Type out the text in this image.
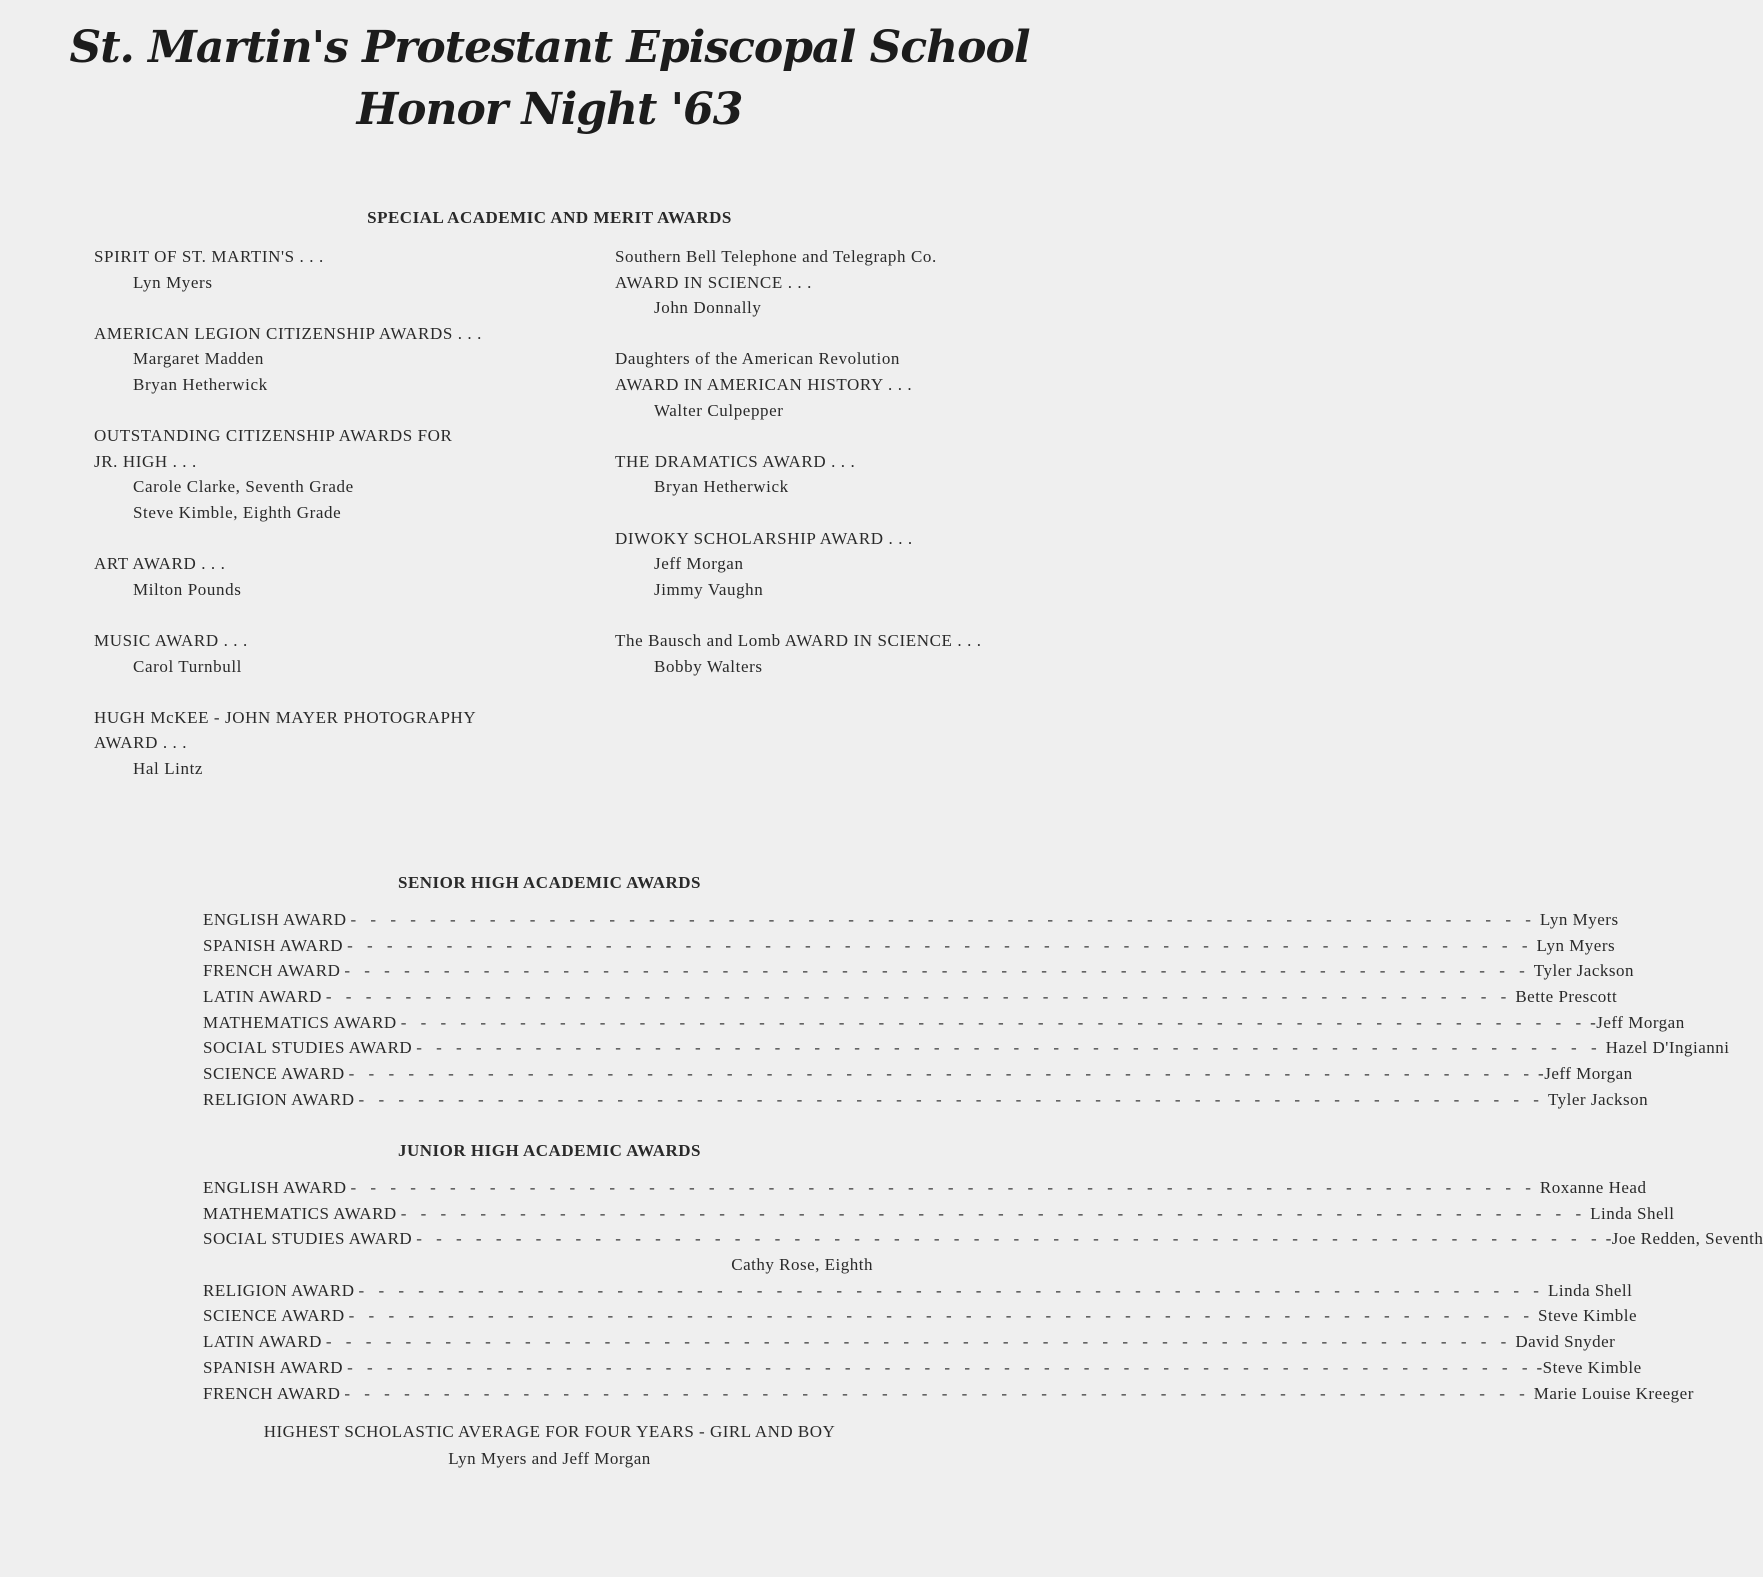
St. Martin's Protestant Episcopal School
Honor Night '63
SPECIAL ACADEMIC AND MERIT AWARDS
SPIRIT OF ST. MARTIN'S . . .
Lyn Myers
AMERICAN LEGION CITIZENSHIP AWARDS . . .
Margaret Madden
Bryan Hetherwick
OUTSTANDING CITIZENSHIP AWARDS FOR
JR. HIGH . . .
Carole Clarke, Seventh Grade
Steve Kimble, Eighth Grade
ART AWARD . . .
Milton Pounds
MUSIC AWARD . . .
Carol Turnbull
HUGH McKEE - JOHN MAYER PHOTOGRAPHY
AWARD . . .
Hal Lintz
Southern Bell Telephone and Telegraph Co.
AWARD IN SCIENCE . . .
John Donnally
Daughters of the American Revolution
AWARD IN AMERICAN HISTORY . . .
Walter Culpepper
THE DRAMATICS AWARD . . .
Bryan Hetherwick
DIWOKY SCHOLARSHIP AWARD . . .
Jeff Morgan
Jimmy Vaughn
The Bausch and Lomb AWARD IN SCIENCE . . .
Bobby Walters
SENIOR HIGH ACADEMIC AWARDS
ENGLISH AWARD - - - - - - - - - - - - - - - - - - - - - - - - - - - - - - - - - - - - - - - - - - - - - - - - - - - - - - - - - - - - Lyn Myers
SPANISH AWARD - - - - - - - - - - - - - - - - - - - - - - - - - - - - - - - - - - - - - - - - - - - - - - - - - - - - - - - - - - - - Lyn Myers
FRENCH AWARD - - - - - - - - - - - - - - - - - - - - - - - - - - - - - - - - - - - - - - - - - - - - - - - - - - - - - - - - - - - - Tyler Jackson
LATIN AWARD - - - - - - - - - - - - - - - - - - - - - - - - - - - - - - - - - - - - - - - - - - - - - - - - - - - - - - - - - - - - Bette Prescott
MATHEMATICS AWARD - - - - - - - - - - - - - - - - - - - - - - - - - - - - - - - - - - - - - - - - - - - - - - - - - - - - - - - - - - - - -Jeff Morgan
SOCIAL STUDIES AWARD - - - - - - - - - - - - - - - - - - - - - - - - - - - - - - - - - - - - - - - - - - - - - - - - - - - - - - - - - - - - Hazel D'Ingianni
SCIENCE AWARD - - - - - - - - - - - - - - - - - - - - - - - - - - - - - - - - - - - - - - - - - - - - - - - - - - - - - - - - - - - - -Jeff Morgan
RELIGION AWARD - - - - - - - - - - - - - - - - - - - - - - - - - - - - - - - - - - - - - - - - - - - - - - - - - - - - - - - - - - - - Tyler Jackson
JUNIOR HIGH ACADEMIC AWARDS
ENGLISH AWARD - - - - - - - - - - - - - - - - - - - - - - - - - - - - - - - - - - - - - - - - - - - - - - - - - - - - - - - - - - - - Roxanne Head
MATHEMATICS AWARD - - - - - - - - - - - - - - - - - - - - - - - - - - - - - - - - - - - - - - - - - - - - - - - - - - - - - - - - - - - - Linda Shell
SOCIAL STUDIES AWARD - - - - - - - - - - - - - - - - - - - - - - - - - - - - - - - - - - - - - - - - - - - - - - - - - - - - - - - - - - - - -Joe Redden, Seventh
Cathy Rose, Eighth
RELIGION AWARD - - - - - - - - - - - - - - - - - - - - - - - - - - - - - - - - - - - - - - - - - - - - - - - - - - - - - - - - - - - - Linda Shell
SCIENCE AWARD - - - - - - - - - - - - - - - - - - - - - - - - - - - - - - - - - - - - - - - - - - - - - - - - - - - - - - - - - - - - Steve Kimble
LATIN AWARD - - - - - - - - - - - - - - - - - - - - - - - - - - - - - - - - - - - - - - - - - - - - - - - - - - - - - - - - - - - - David Snyder
SPANISH AWARD - - - - - - - - - - - - - - - - - - - - - - - - - - - - - - - - - - - - - - - - - - - - - - - - - - - - - - - - - - - - -Steve Kimble
FRENCH AWARD - - - - - - - - - - - - - - - - - - - - - - - - - - - - - - - - - - - - - - - - - - - - - - - - - - - - - - - - - - - - Marie Louise Kreeger
HIGHEST SCHOLASTIC AVERAGE FOR FOUR YEARS - GIRL AND BOY
Lyn Myers and Jeff Morgan
